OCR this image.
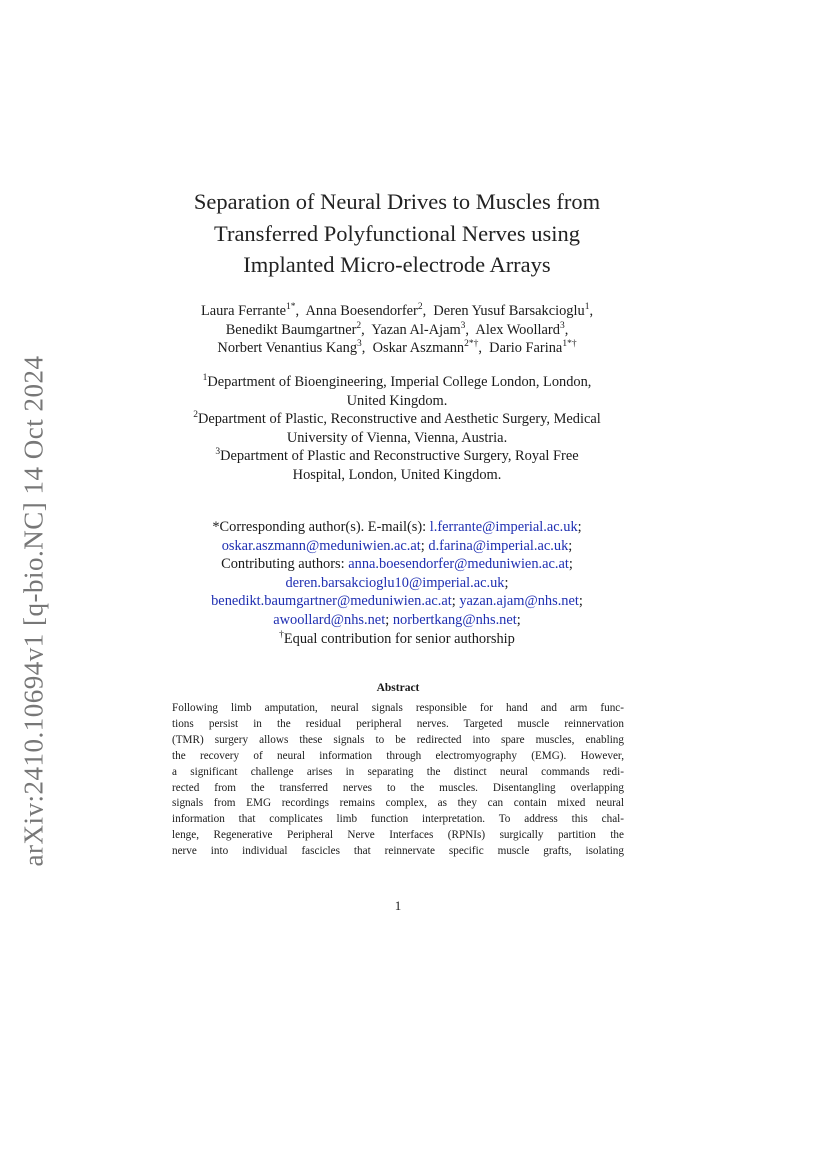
arXiv:2410.10694v1 [q-bio.NC] 14 Oct 2024
Separation of Neural Drives to Muscles from
Transferred Polyfunctional Nerves using
Implanted Micro-electrode Arrays
Laura Ferrante$^{1*}$,  Anna Boesendorfer$^2$,  Deren Yusuf Barsakcioglu$^1$,
Benedikt Baumgartner$^2$,  Yazan Al-Ajam$^3$,  Alex Woollard$^3$,
Norbert Venantius Kang$^3$,  Oskar Aszmann$^{2*\dagger}$,  Dario Farina$^{1*\dagger}$
$^1$Department of Bioengineering, Imperial College London, London,
United Kingdom.
$^2$Department of Plastic, Reconstructive and Aesthetic Surgery, Medical
University of Vienna, Vienna, Austria.
$^3$Department of Plastic and Reconstructive Surgery, Royal Free
Hospital, London, United Kingdom.
*Corresponding author(s). E-mail(s): l.ferrante@imperial.ac.uk;
oskar.aszmann@meduniwien.ac.at; d.farina@imperial.ac.uk;
Contributing authors: anna.boesendorfer@meduniwien.ac.at;
deren.barsakcioglu10@imperial.ac.uk;
benedikt.baumgartner@meduniwien.ac.at; yazan.ajam@nhs.net;
awoollard@nhs.net; norbertkang@nhs.net;
†Equal contribution for senior authorship
Abstract
Following limb amputation, neural signals responsible for hand and arm func-
tions persist in the residual peripheral nerves. Targeted muscle reinnervation
(TMR) surgery allows these signals to be redirected into spare muscles, enabling
the recovery of neural information through electromyography (EMG). However,
a significant challenge arises in separating the distinct neural commands redi-
rected from the transferred nerves to the muscles. Disentangling overlapping
signals from EMG recordings remains complex, as they can contain mixed neural
information that complicates limb function interpretation. To address this chal-
lenge, Regenerative Peripheral Nerve Interfaces (RPNIs) surgically partition the
nerve into individual fascicles that reinnervate specific muscle grafts, isolating
1
